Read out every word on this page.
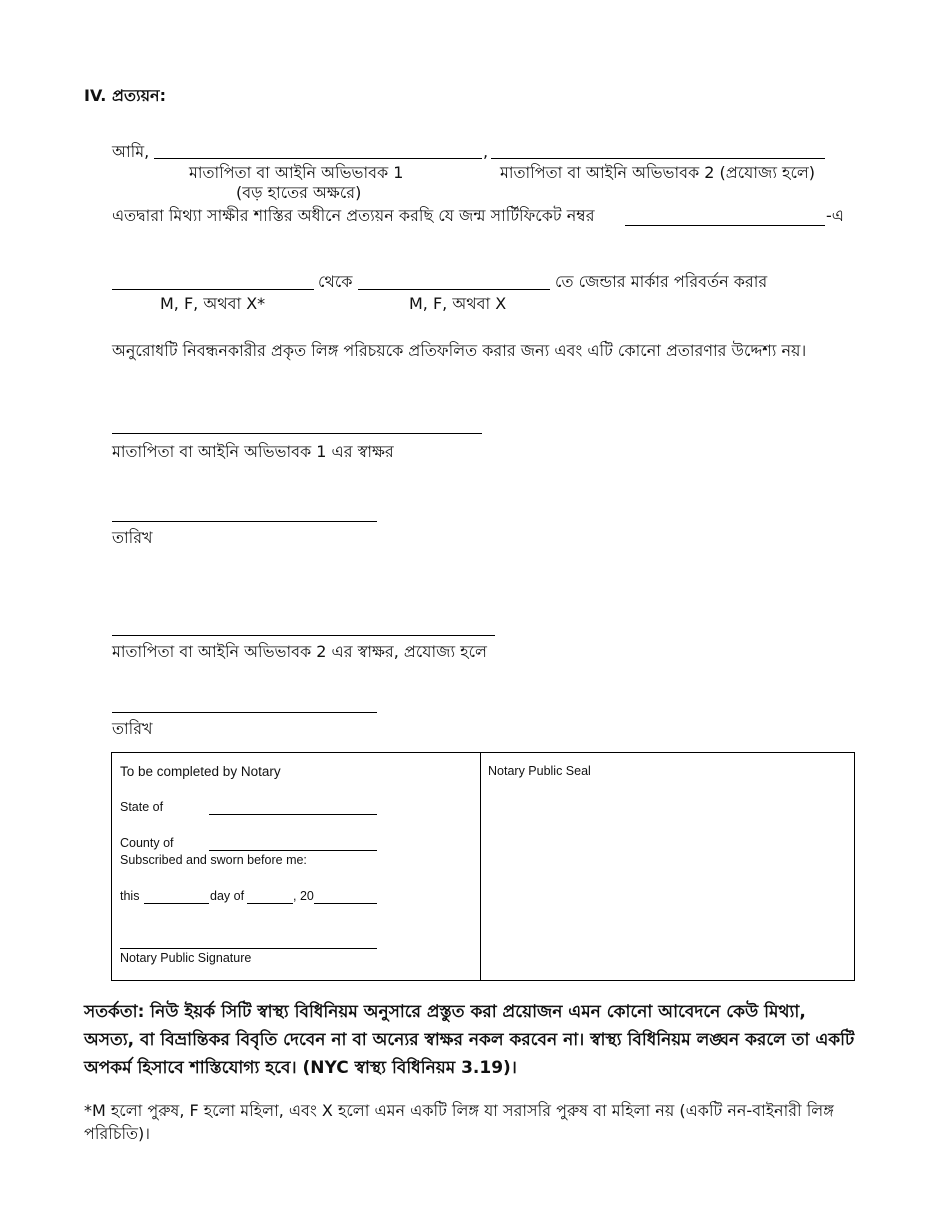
IV. প্রত্যয়ন:
আমি,	,
মাতাপিতা বা আইনি অভিভাবক 1	মাতাপিতা বা আইনি অভিভাবক 2 (প্রযোজ্য হলে)
(বড় হাতের অক্ষরে)
এতদ্বারা মিথ্যা সাক্ষীর শাস্তির অধীনে প্রত্যয়ন করছি যে জন্ম সার্টিফিকেট নম্বর	-এ
থেকে	তে জেন্ডার মার্কার পরিবর্তন করার
M, F, অথবা X*	M, F, অথবা X
অনুরোধটি নিবন্ধনকারীর প্রকৃত লিঙ্গ পরিচয়কে প্রতিফলিত করার জন্য এবং এটি কোনো প্রতারণার উদ্দেশ্য নয়।
মাতাপিতা বা আইনি অভিভাবক 1 এর স্বাক্ষর
তারিখ
মাতাপিতা বা আইনি অভিভাবক 2 এর স্বাক্ষর, প্রযোজ্য হলে
তারিখ
To be completed by Notary
State of
County of
Subscribed and sworn before me:
this	day of	, 20
Notary Public Signature
Notary Public Seal
সতর্কতা: নিউ ইয়র্ক সিটি স্বাস্থ্য বিধিনিয়ম অনুসারে প্রস্তুত করা প্রয়োজন এমন কোনো আবেদনে কেউ মিথ্যা, অসত্য, বা বিভ্রান্তিকর বিবৃতি দেবেন না বা অন্যের স্বাক্ষর নকল করবেন না। স্বাস্থ্য বিধিনিয়ম লঙ্ঘন করলে তা একটি অপকর্ম হিসাবে শাস্তিযোগ্য হবে। (NYC স্বাস্থ্য বিধিনিয়ম 3.19)।
*M হলো পুরুষ, F হলো মহিলা, এবং X হলো এমন একটি লিঙ্গ যা সরাসরি পুরুষ বা মহিলা নয় (একটি নন-বাইনারী লিঙ্গ পরিচিতি)।
